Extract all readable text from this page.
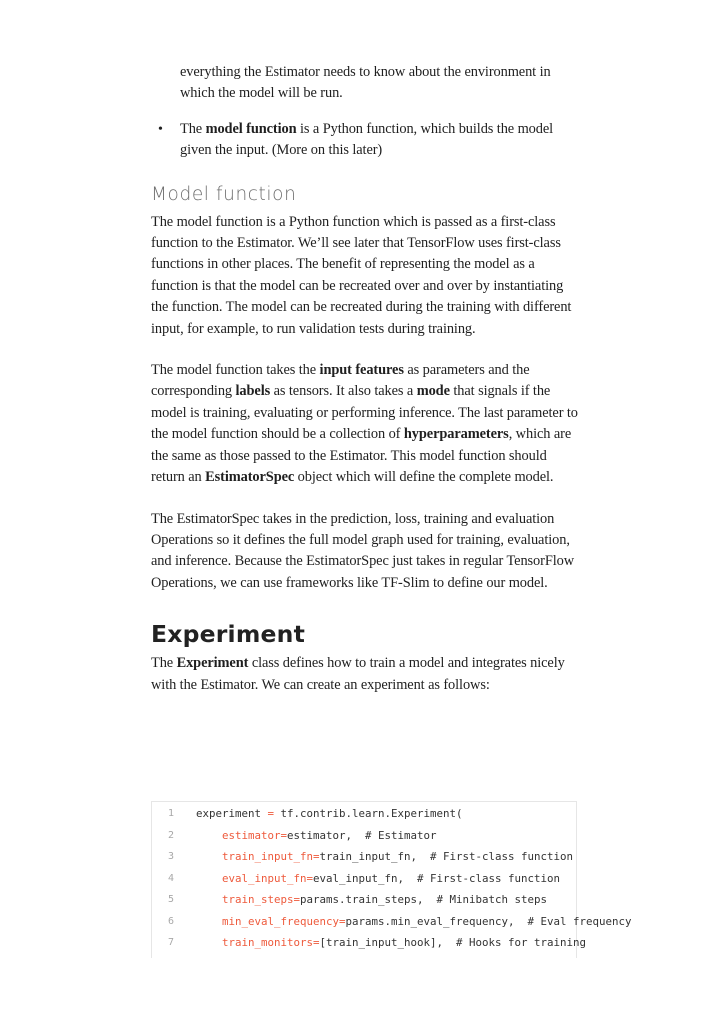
everything the Estimator needs to know about the environment in which the model will be run.

•	The model function is a Python function, which builds the model given the input. (More on this later)

Model function

The model function is a Python function which is passed as a first-class function to the Estimator. We’ll see later that TensorFlow uses first-class functions in other places. The benefit of representing the model as a function is that the model can be recreated over and over by instantiating the function. The model can be recreated during the training with different input, for example, to run validation tests during training.

The model function takes the input features as parameters and the corresponding labels as tensors. It also takes a mode that signals if the model is training, evaluating or performing inference. The last parameter to the model function should be a collection of hyperparameters, which are the same as those passed to the Estimator. This model function should return an EstimatorSpec object which will define the complete model.

The EstimatorSpec takes in the prediction, loss, training and evaluation Operations so it defines the full model graph used for training, evaluation, and inference. Because the EstimatorSpec just takes in regular TensorFlow Operations, we can use frameworks like TF-Slim to define our model.

Experiment

The Experiment class defines how to train a model and integrates nicely with the Estimator. We can create an experiment as follows:

1	experiment = tf.contrib.learn.Experiment(
2	estimator=estimator,  # Estimator
3	train_input_fn=train_input_fn,  # First-class function
4	eval_input_fn=eval_input_fn,  # First-class function
5	train_steps=params.train_steps,  # Minibatch steps
6	min_eval_frequency=params.min_eval_frequency,  # Eval frequency
7	train_monitors=[train_input_hook],  # Hooks for training
